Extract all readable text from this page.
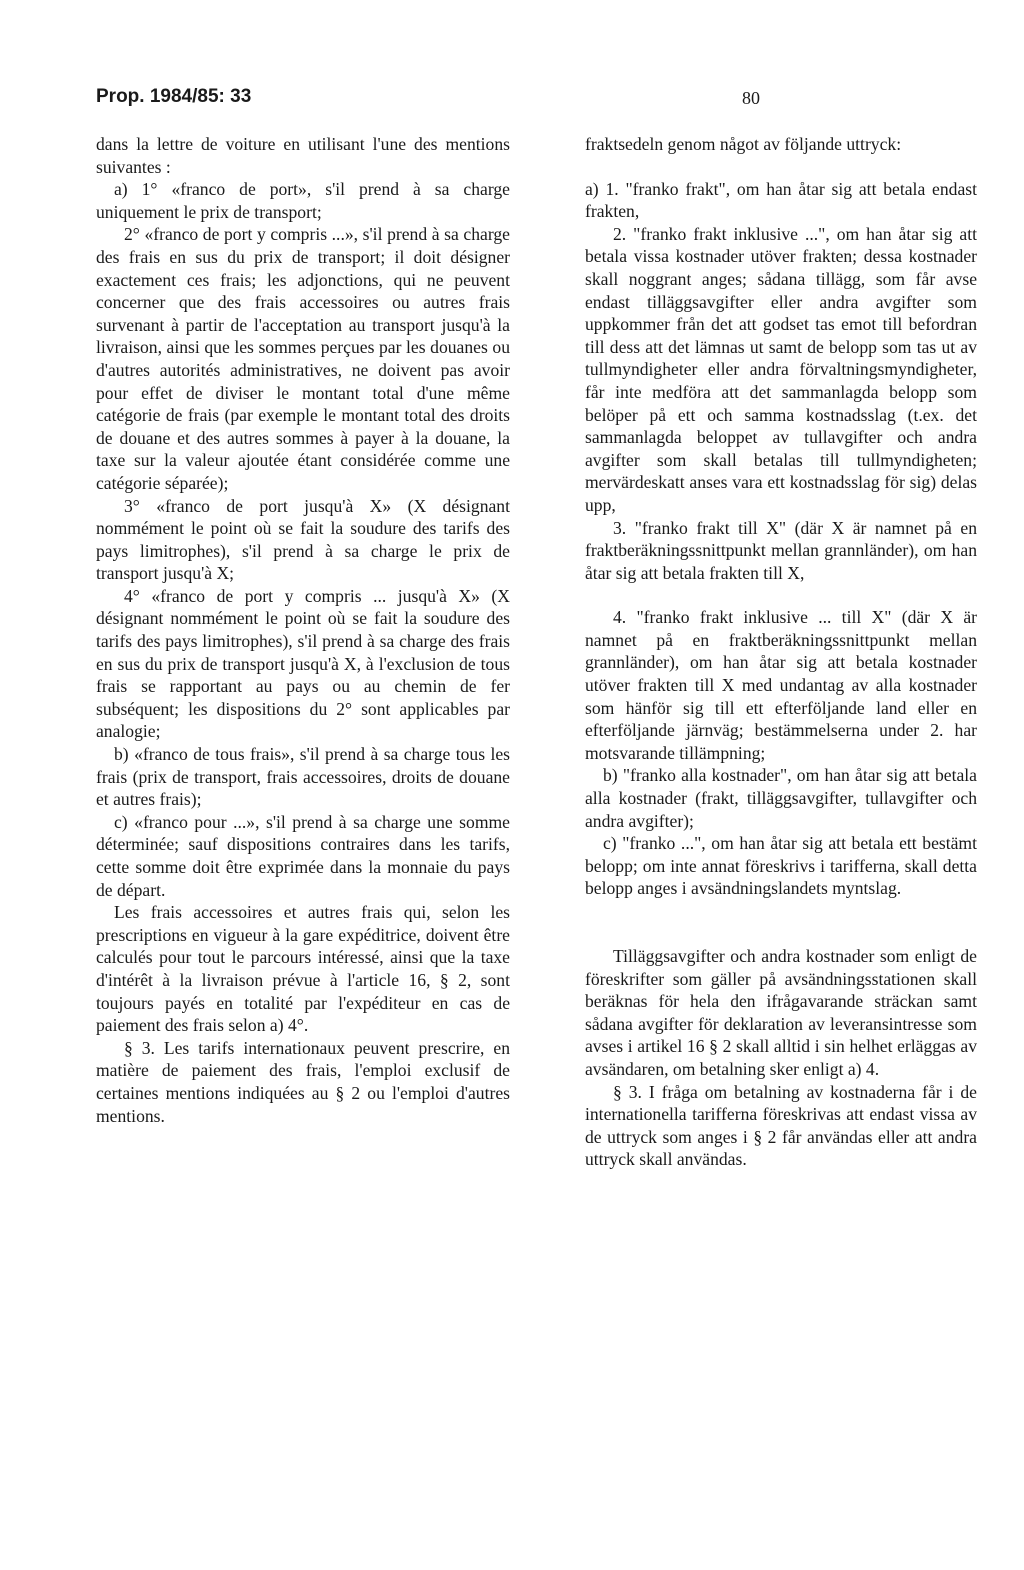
Prop. 1984/85: 33	80

dans la lettre de voiture en utilisant l'une des mentions suivantes :

a) 1° «franco de port», s'il prend à sa charge uniquement le prix de transport;

2° «franco de port y compris ...», s'il prend à sa charge des frais en sus du prix de transport; il doit désigner exactement ces frais; les adjonctions, qui ne peuvent concerner que des frais accessoires ou autres frais survenant à partir de l'acceptation au transport jusqu'à la livraison, ainsi que les sommes perçues par les douanes ou d'autres autorités administratives, ne doivent pas avoir pour effet de diviser le montant total d'une même catégorie de frais (par exemple le montant total des droits de douane et des autres sommes à payer à la douane, la taxe sur la valeur ajoutée étant considérée comme une catégorie séparée);

3° «franco de port jusqu'à X» (X désignant nommément le point où se fait la soudure des tarifs des pays limitrophes), s'il prend à sa charge le prix de transport jusqu'à X;

4° «franco de port y compris ... jusqu'à X» (X désignant nommément le point où se fait la soudure des tarifs des pays limitrophes), s'il prend à sa charge des frais en sus du prix de transport jusqu'à X, à l'exclusion de tous frais se rapportant au pays ou au chemin de fer subséquent; les dispositions du 2° sont applicables par analogie;

b) «franco de tous frais», s'il prend à sa charge tous les frais (prix de transport, frais accessoires, droits de douane et autres frais);

c) «franco pour ...», s'il prend à sa charge une somme déterminée; sauf dispositions contraires dans les tarifs, cette somme doit être exprimée dans la monnaie du pays de départ.

Les frais accessoires et autres frais qui, selon les prescriptions en vigueur à la gare expéditrice, doivent être calculés pour tout le parcours intéressé, ainsi que la taxe d'intérêt à la livraison prévue à l'article 16, § 2, sont toujours payés en totalité par l'expéditeur en cas de paiement des frais selon a) 4°.

§ 3. Les tarifs internationaux peuvent prescrire, en matière de paiement des frais, l'emploi exclusif de certaines mentions indiquées au § 2 ou l'emploi d'autres mentions.

fraktsedeln genom något av följande uttryck:

a) 1. "franko frakt", om han åtar sig att betala endast frakten,

2. "franko frakt inklusive ...", om han åtar sig att betala vissa kostnader utöver frakten; dessa kostnader skall noggrant anges; sådana tillägg, som får avse endast tilläggsavgifter eller andra avgifter som uppkommer från det att godset tas emot till befordran till dess att det lämnas ut samt de belopp som tas ut av tullmyndigheter eller andra förvaltningsmyndigheter, får inte medföra att det sammanlagda belopp som belöper på ett och samma kostnadsslag (t.ex. det sammanlagda beloppet av tullavgifter och andra avgifter som skall betalas till tullmyndigheten; mervärdeskatt anses vara ett kostnadsslag för sig) delas upp,

3. "franko frakt till X" (där X är namnet på en fraktberäkningssnittpunkt mellan grannländer), om han åtar sig att betala frakten till X,

4. "franko frakt inklusive ... till X" (där X är namnet på en fraktberäkningssnittpunkt mellan grannländer), om han åtar sig att betala kostnader utöver frakten till X med undantag av alla kostnader som hänför sig till ett efterföljande land eller en efterföljande järnväg; bestämmelserna under 2. har motsvarande tillämpning;

b) "franko alla kostnader", om han åtar sig att betala alla kostnader (frakt, tilläggsavgifter, tullavgifter och andra avgifter);

c) "franko ...", om han åtar sig att betala ett bestämt belopp; om inte annat föreskrivs i tarifferna, skall detta belopp anges i avsändningslandets myntslag.

Tilläggsavgifter och andra kostnader som enligt de föreskrifter som gäller på avsändningsstationen skall beräknas för hela den ifrågavarande sträckan samt sådana avgifter för deklaration av leveransintresse som avses i artikel 16 § 2 skall alltid i sin helhet erläggas av avsändaren, om betalning sker enligt a) 4.

§ 3. I fråga om betalning av kostnaderna får i de internationella tarifferna föreskrivas att endast vissa av de uttryck som anges i § 2 får användas eller att andra uttryck skall användas.
